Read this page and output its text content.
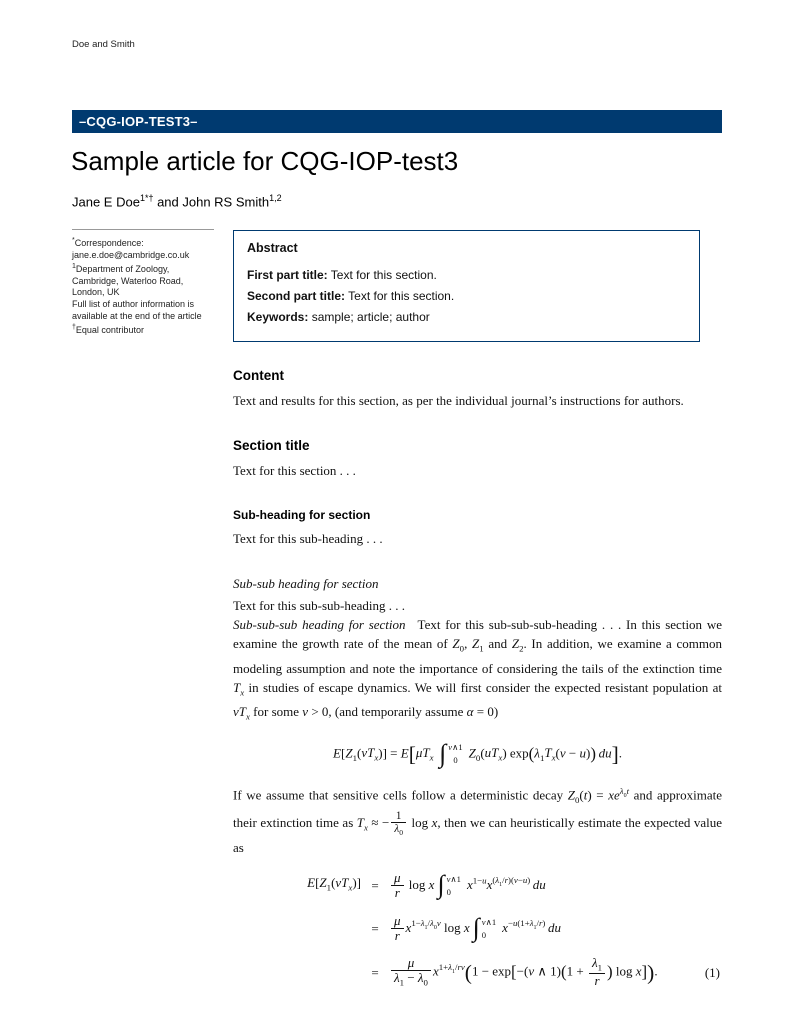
Doe and Smith
–CQG-IOP-TEST3–
Sample article for CQG-IOP-test3
Jane E Doe$^{1*\dagger}$ and John RS Smith$^{1,2}$
*Correspondence:
jane.e.doe@cambridge.co.uk
$^1$Department of Zoology,
Cambridge, Waterloo Road,
London, UK
Full list of author information is
available at the end of the article
†Equal contributor
Abstract
First part title: Text for this section.
Second part title: Text for this section.
Keywords: sample; article; author
Content

Text and results for this section, as per the individual journal’s instructions for authors.

Section title

Text for this section . . .

Sub-heading for section

Text for this sub-heading . . .

Sub-sub heading for section

Text for this sub-sub-heading . . .

Sub-sub-sub heading for section Text for this sub-sub-sub-heading . . . In this section we examine the growth rate of the mean of $Z_0$, $Z_1$ and $Z_2$. In addition, we examine a common modeling assumption and note the importance of considering the tails of the extinction time $T_x$ in studies of escape dynamics. We will first consider the expected resistant population at $vT_x$ for some v > 0, (and temporarily assume α = 0)

$E[Z_1(vT_x)] = E[\mu T_x$  ∫ v∧1
0
$Z_0(uT_x) \exp(\lambda_1T_x(v - u))$  du].

If we assume that sensitive cells follow a deterministic decay $Z_0(t) = xe^{\lambda_0t}$ and approximate their extinction time as $T_x$ ≈ − $\frac{1}{\lambda_0}$ log x, then we can heuristically estimate the expected value as

$E[Z_1(vT_x)] = \frac{\mu}{r}$ log x ∫ v∧1
0
$x^{1-u}x^{(\lambda_1/r)(v-u)}$  du
= $\frac{\mu}{r} x^{1-\lambda_1/\lambda_0v}$ log x ∫ v∧1
0
$x^{-u(1+\lambda_1/r)}$  du
= $\frac{\mu}{\lambda_1 - \lambda_0} x^{1+\lambda_1/rv}(1 - \exp[-(v$ ∧ $1)(1 + \frac{\lambda_1}{r}$ ) log x]).	(1)
